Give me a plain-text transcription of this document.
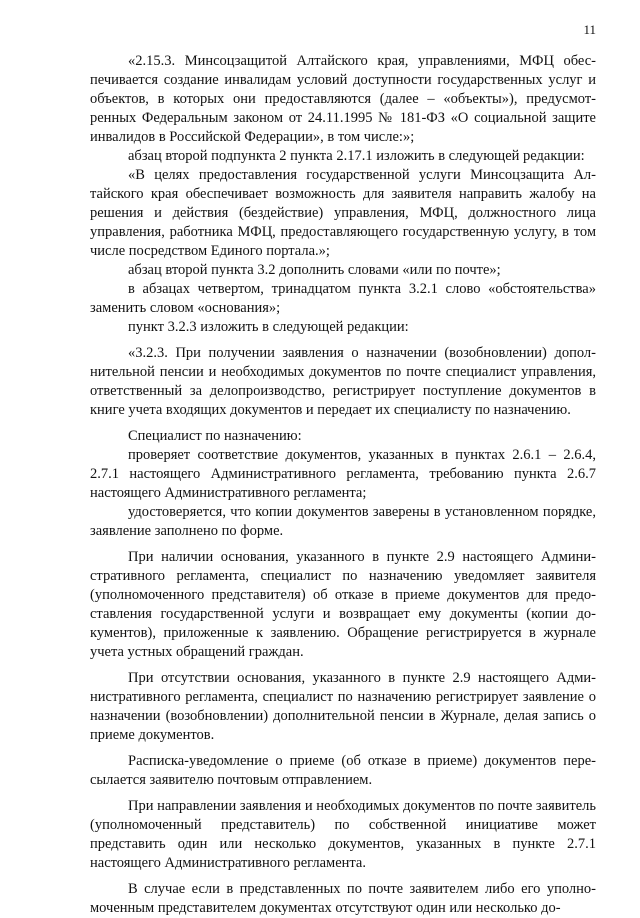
11

«2.15.3. Минсоцзащитой Алтайского края, управлениями, МФЦ обеспечивается создание инвалидам условий доступности государственных услуг и объектов, в которых они предоставляются (далее – «объекты»), предусмотренных Федеральным законом от 24.11.1995 № 181-ФЗ «О социальной защите инвалидов в Российской Федерации», в том числе:»;

абзац второй подпункта 2 пункта 2.17.1 изложить в следующей редакции:

«В целях предоставления государственной услуги Минсоцзащита Алтайского края обеспечивает возможность для заявителя направить жалобу на решения и действия (бездействие) управления, МФЦ, должностного лица управления, работника МФЦ, предоставляющего государственную услугу, в том числе посредством Единого портала.»;

абзац второй пункта 3.2 дополнить словами «или по почте»;

в абзацах четвертом, тринадцатом пункта 3.2.1 слово «обстоятельства» заменить словом «основания»;

пункт 3.2.3 изложить в следующей редакции:

«3.2.3. При получении заявления о назначении (возобновлении) дополнительной пенсии и необходимых документов по почте специалист управления, ответственный за делопроизводство, регистрирует поступление документов в книге учета входящих документов и передает их специалисту по назначению.

Специалист по назначению:

проверяет соответствие документов, указанных в пунктах 2.6.1 – 2.6.4, 2.7.1 настоящего Административного регламента, требованию пункта 2.6.7 настоящего Административного регламента;

удостоверяется, что копии документов заверены в установленном порядке, заявление заполнено по форме.

При наличии основания, указанного в пункте 2.9 настоящего Административного регламента, специалист по назначению уведомляет заявителя (уполномоченного представителя) об отказе в приеме документов для предоставления государственной услуги и возвращает ему документы (копии документов), приложенные к заявлению. Обращение регистрируется в журнале учета устных обращений граждан.

При отсутствии основания, указанного в пункте 2.9 настоящего Административного регламента, специалист по назначению регистрирует заявление о назначении (возобновлении) дополнительной пенсии в Журнале, делая запись о приеме документов.

Расписка-уведомление о приеме (об отказе в приеме) документов пересылается заявителю почтовым отправлением.

При направлении заявления и необходимых документов по почте заявитель (уполномоченный представитель) по собственной инициативе может представить один или несколько документов, указанных в пункте 2.7.1 настоящего Административного регламента.

В случае если в представленных по почте заявителем либо его уполномоченным представителем документах отсутствуют один или несколько до-
